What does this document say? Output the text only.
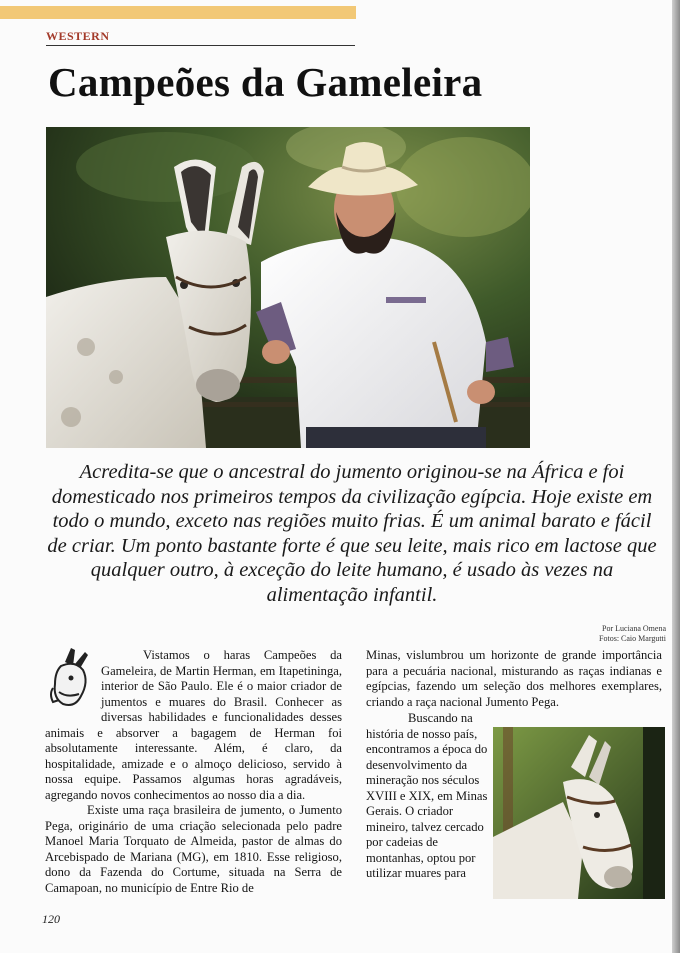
WESTERN
Campeões da Gameleira

Acredita-se que o ancestral do jumento originou-se na África e foi domesticado nos primeiros tempos da civilização egípcia. Hoje existe em todo o mundo, exceto nas regiões muito frias. É um animal barato e fácil de criar. Um ponto bastante forte é que seu leite, mais rico em lactose que qualquer outro, à exceção do leite humano, é usado às vezes na alimentação infantil.

Por Luciana Omena
Fotos: Caio Margutti

Vistamos o haras Campeões da Gameleira, de Martin Herman, em Itapetininga, interior de São Paulo. Ele é o maior criador de jumentos e muares do Brasil. Conhecer as diversas habilidades e funcionalidades desses animais e absorver a bagagem de Herman foi absolutamente interessante. Além, é claro, da hospitalidade, amizade e o almoço delicioso, servido à nossa equipe. Passamos algumas horas agradáveis, agregando novos conhecimentos ao nosso dia a dia.

Existe uma raça brasileira de jumento, o Jumento Pega, originário de uma criação selecionada pelo padre Manoel Maria Torquato de Almeida, pastor de almas do Arcebispado de Mariana (MG), em 1810. Esse religioso, dono da Fazenda do Cortume, situada na Serra de Camapoan, no município de Entre Rio de

Minas, vislumbrou um horizonte de grande importância para a pecuária nacional, misturando as raças indianas e egípcias, fazendo um seleção dos melhores exemplares, criando a raça nacional Jumento Pega.

Buscando na história de nosso país, encontramos a época do desenvolvimento da mineração nos séculos XVIII e XIX, em Minas Gerais. O criador mineiro, talvez cercado por cadeias de montanhas, optou por utilizar muares para

120
